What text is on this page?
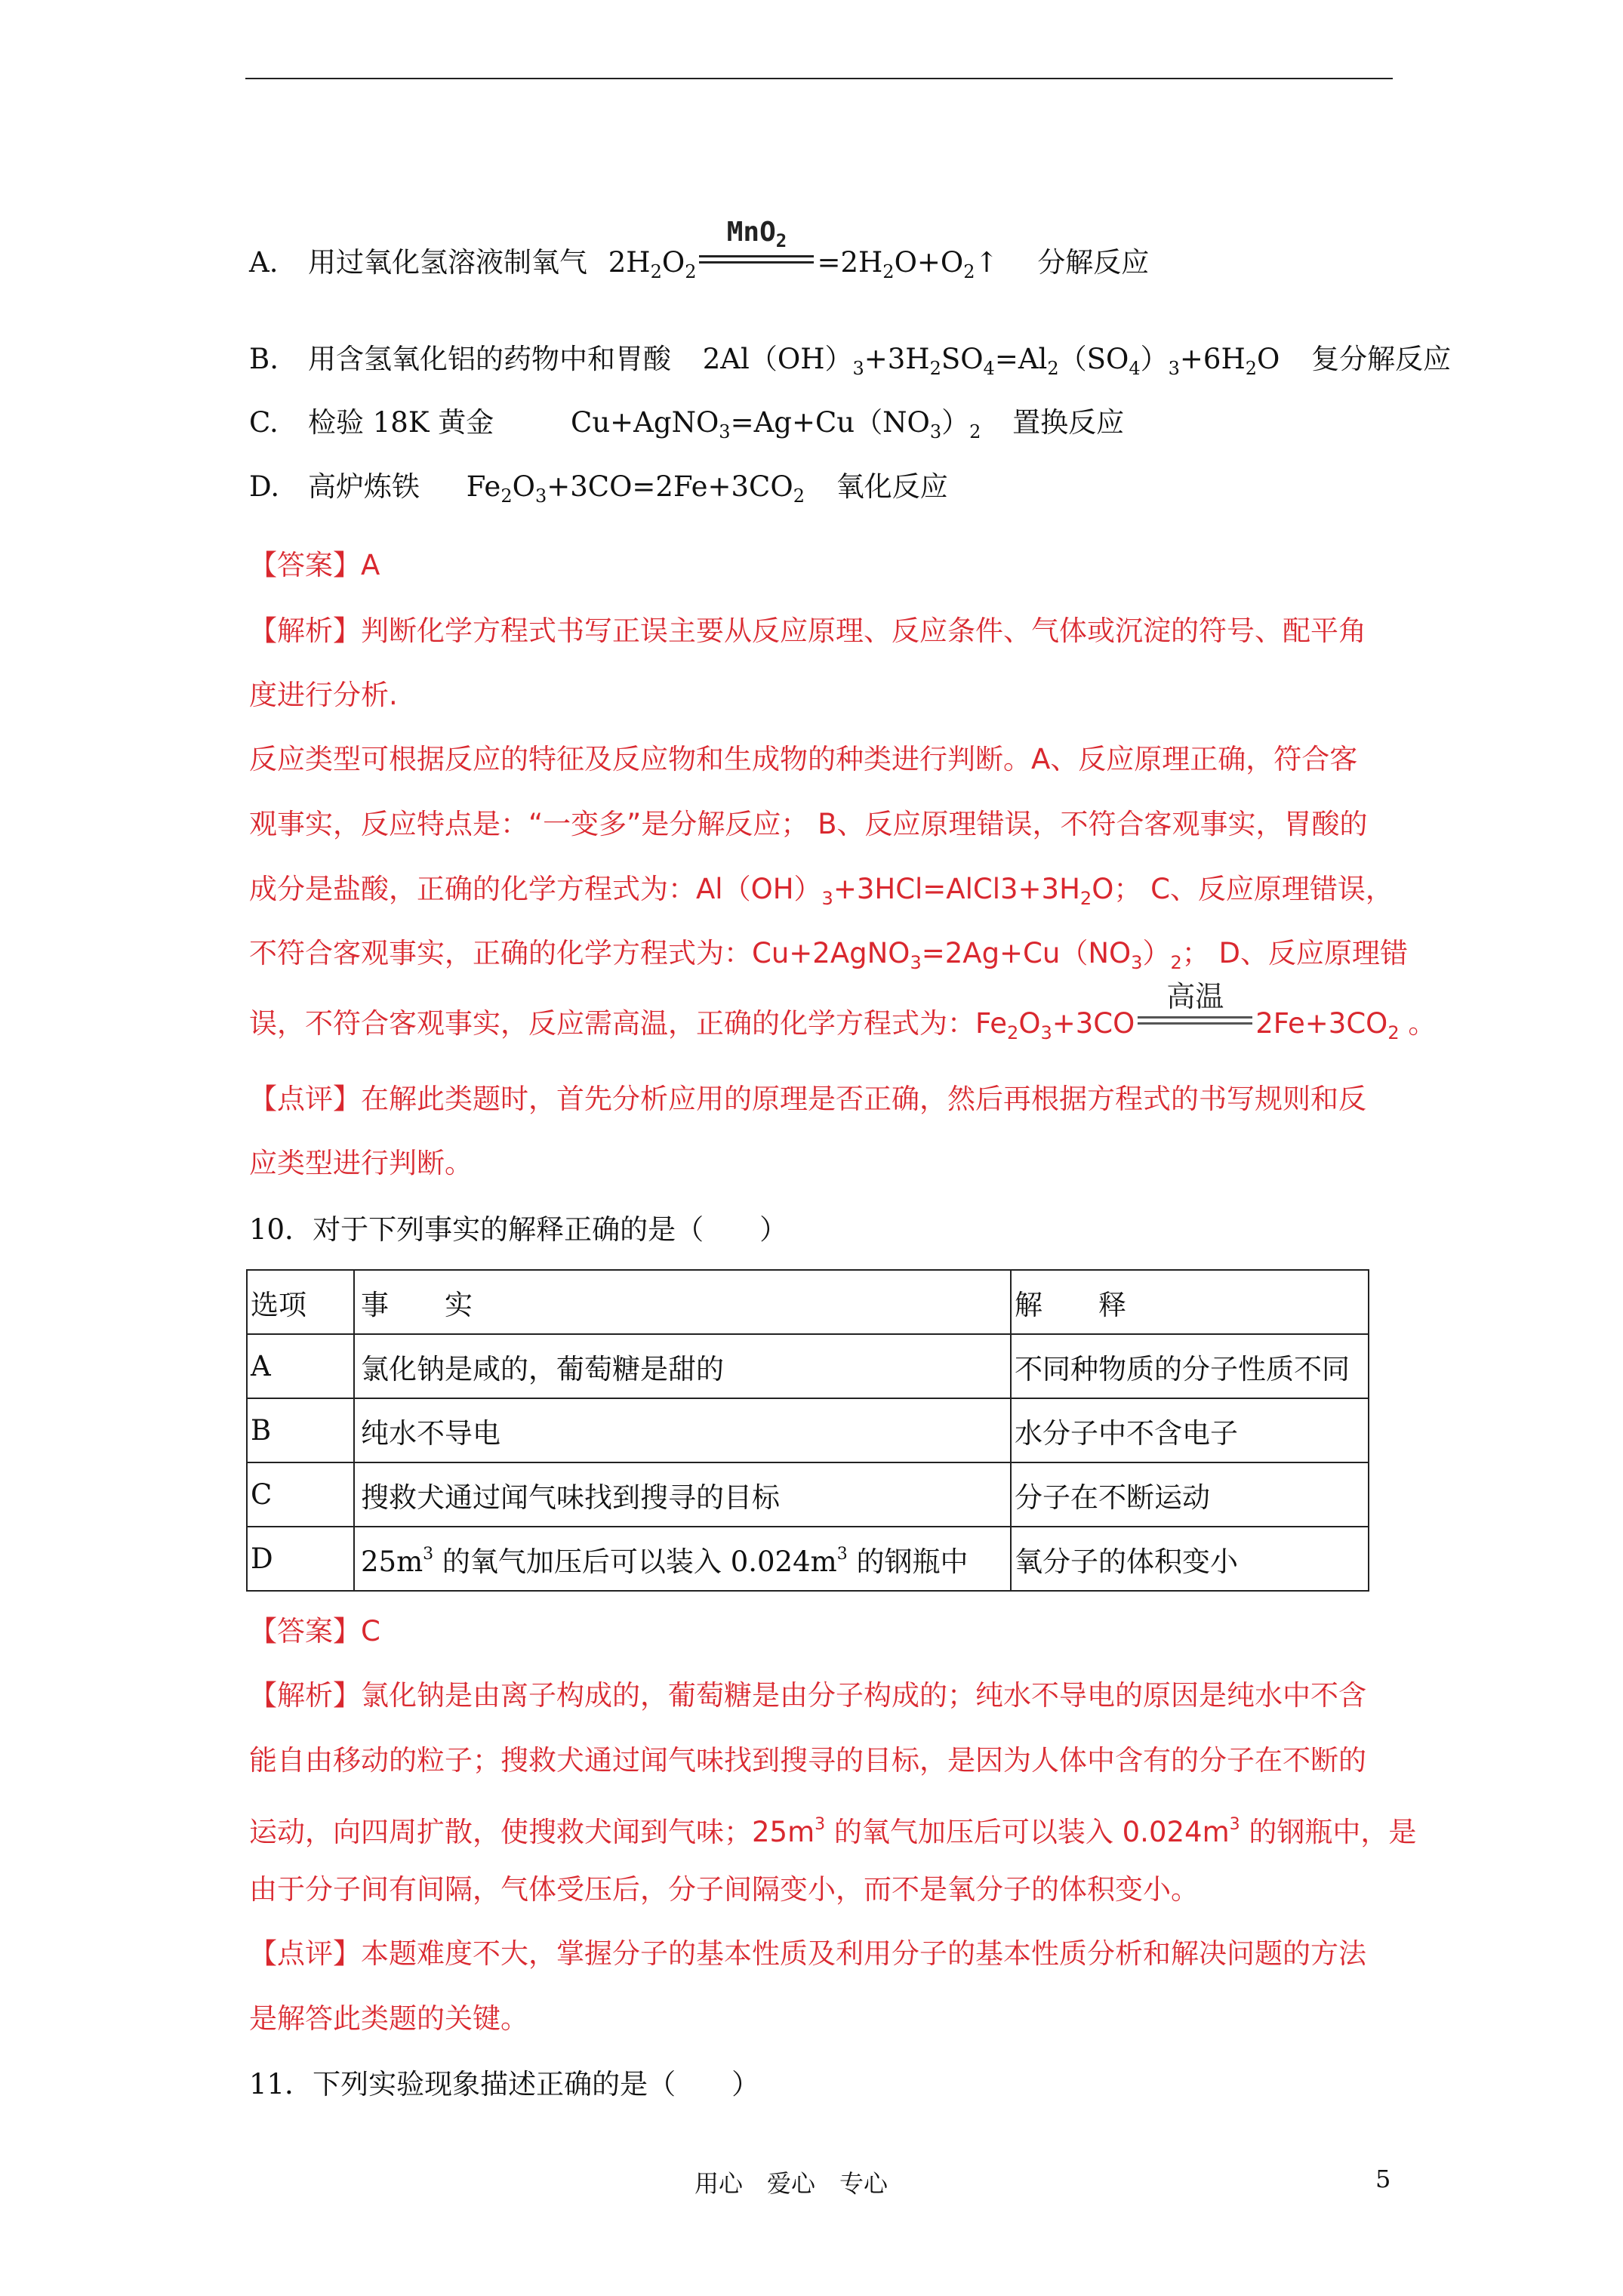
A. 用过氧化氢溶液制氧气 $2H_2O_2$
MnO$_2$
$=2H_2O+O_2↑$ 分解反应
B. 用含氢氧化铝的药物中和胃酸 $2Al(OH)_3+3H_2SO_4=Al_2(SO_4)_3+6H_2O$ 复分解反应
C. 检验 18K 黄金	$Cu+AgNO_3=Ag+Cu(NO_3)_2$ 置换反应
D. 高炉炼铁 $Fe_2O_3+3CO=2Fe+3CO_2$ 氧化反应
【答案】A
【解析】判断化学方程式书写正误主要从反应原理、反应条件、气体或沉淀的符号、配平角
度进行分析.
反应类型可根据反应的特征及反应物和生成物的种类进行判断。A、反应原理正确，符合客
观事实，反应特点是：“一变多”是分解反应； B、反应原理错误，不符合客观事实，胃酸的
成分是盐酸，正确的化学方程式为：$Al(OH)_3+3HCl=AlCl3+3H_2O$； C、反应原理错误，
不符合客观事实，正确的化学方程式为：$Cu+2AgNO_3=2Ag+Cu(NO_3)_2$； D、反应原理错
误，不符合客观事实，反应需高温，正确的化学方程式为：$Fe_2O_3+3CO$
高温
$2Fe+3CO_2$ 。
【点评】在解此类题时，首先分析应用的原理是否正确，然后再根据方程式的书写规则和反
应类型进行判断。
10．对于下列事实的解释正确的是（　　）
选项	事　　实	解　　释
A	氯化钠是咸的，葡萄糖是甜的	不同种物质的分子性质不同
B	纯水不导电	水分子中不含电子
C	搜救犬通过闻气味找到搜寻的目标	分子在不断运动
D	$25m^3$ 的氧气加压后可以装入 $0.024m^3$ 的钢瓶中	氧分子的体积变小
【答案】C
【解析】氯化钠是由离子构成的，葡萄糖是由分子构成的；纯水不导电的原因是纯水中不含
能自由移动的粒子；搜救犬通过闻气味找到搜寻的目标，是因为人体中含有的分子在不断的
运动，向四周扩散，使搜救犬闻到气味；$25m^3$ 的氧气加压后可以装入 $0.024m^3$ 的钢瓶中，是
由于分子间有间隔，气体受压后，分子间隔变小，而不是氧分子的体积变小。
【点评】本题难度不大，掌握分子的基本性质及利用分子的基本性质分析和解决问题的方法
是解答此类题的关键。
11．下列实验现象描述正确的是（　　）
用心　爱心　专心	5
